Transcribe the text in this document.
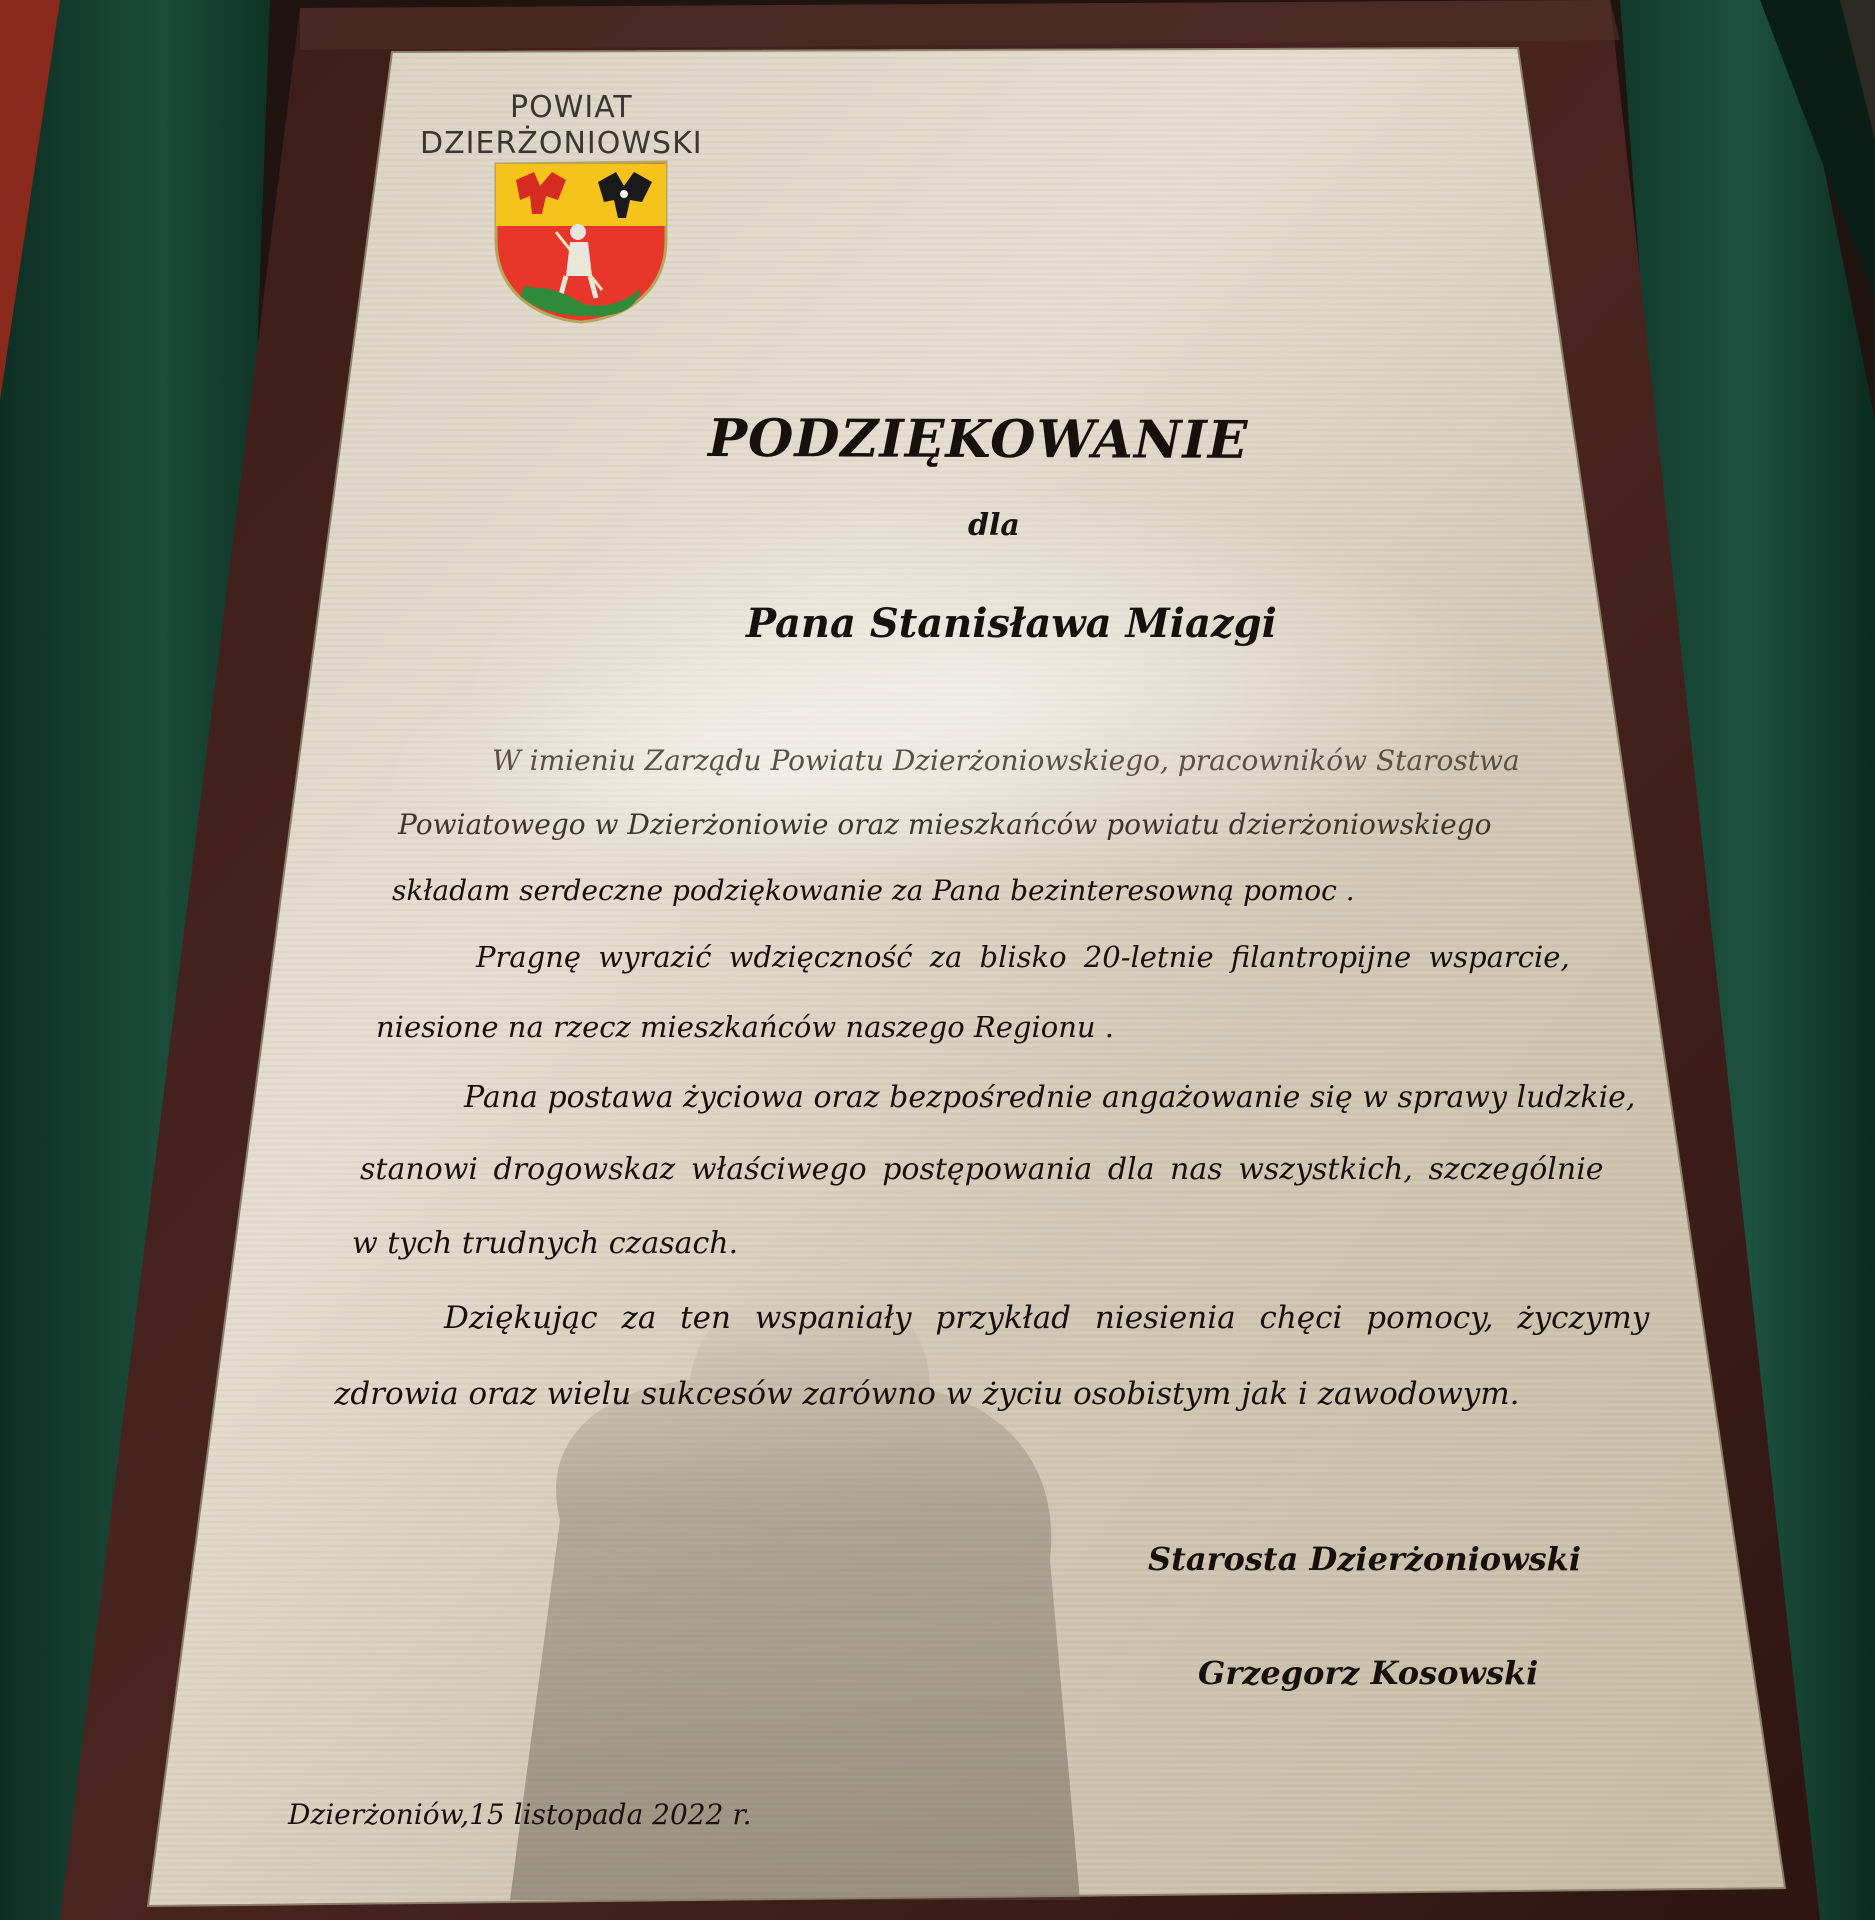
POWIAT
DZIERŻONIOWSKI
PODZIĘKOWANIE
dla
Pana Stanisława Miazgi
W imieniu Zarządu Powiatu Dzierżoniowskiego, pracowników Starostwa
Powiatowego w Dzierżoniowie oraz mieszkańców powiatu dzierżoniowskiego
składam serdeczne podziękowanie za Pana bezinteresowną pomoc .
Pragnę wyrazić wdzięczność za blisko 20-letnie filantropijne wsparcie,
niesione na rzecz mieszkańców naszego Regionu .
Pana postawa życiowa oraz bezpośrednie angażowanie się w sprawy ludzkie,
stanowi drogowskaz właściwego postępowania dla nas wszystkich, szczególnie
w tych trudnych czasach.
Dziękując za ten wspaniały przykład niesienia chęci pomocy, życzymy
zdrowia oraz wielu sukcesów zarówno w życiu osobistym jak i zawodowym.
Starosta Dzierżoniowski
Grzegorz Kosowski
Dzierżoniów,15 listopada 2022 r.
